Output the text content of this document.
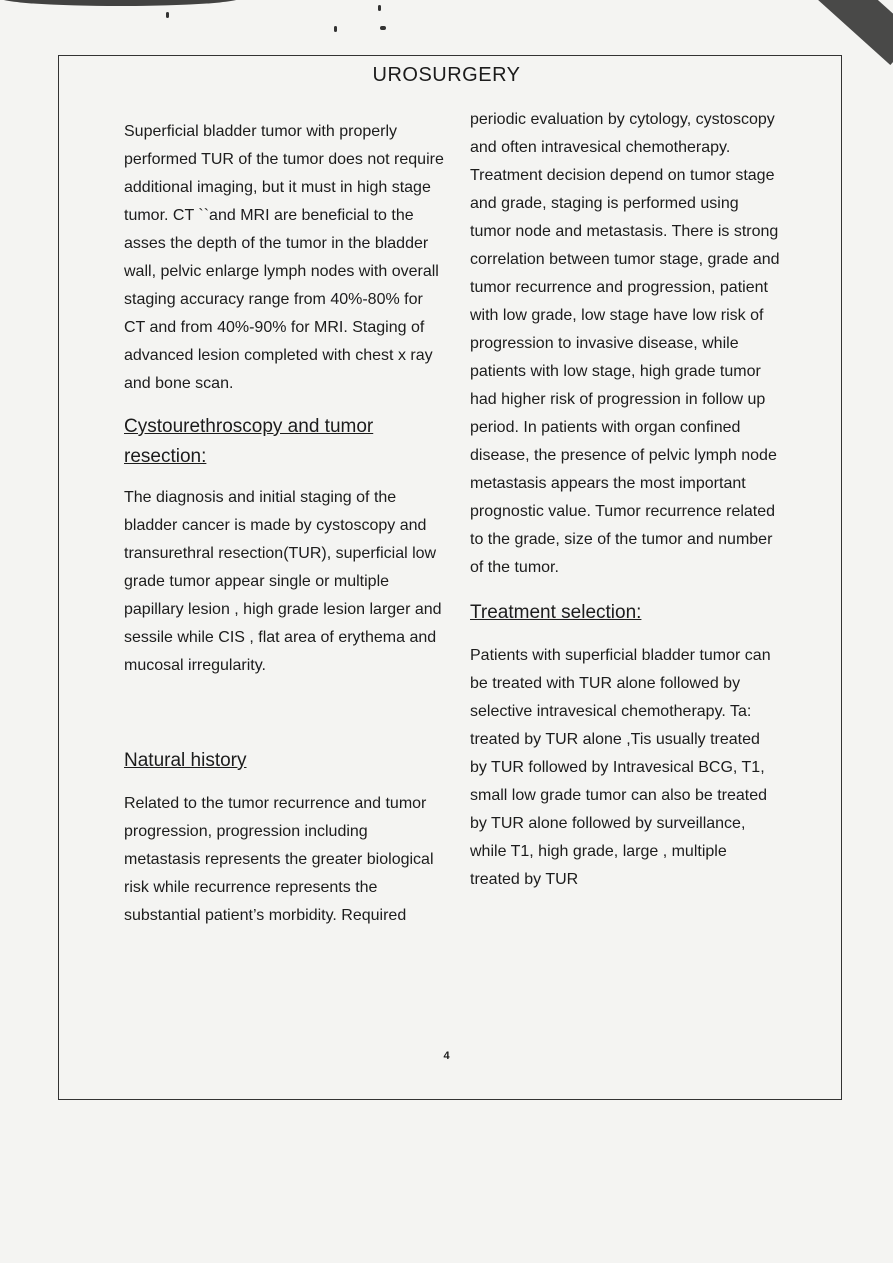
UROSURGERY

Superficial bladder tumor with properly performed TUR of the tumor does not require additional imaging, but it must in high stage tumor. CT ``and MRI are beneficial to the asses the depth of the tumor in the bladder wall, pelvic enlarge lymph nodes with overall staging accuracy range from 40%-80% for CT and from 40%-90% for MRI. Staging of advanced lesion completed with chest x ray and bone scan.

Cystourethroscopy and tumor resection:

The diagnosis and initial staging of the bladder cancer is made by cystoscopy and transurethral resection(TUR), superficial low grade tumor appear single or multiple papillary lesion , high grade lesion larger and sessile while CIS , flat area of erythema and mucosal irregularity.

Natural history

Related to the tumor recurrence and tumor progression, progression including metastasis represents the greater biological risk while recurrence represents the substantial patient’s morbidity. Required

periodic evaluation by cytology, cystoscopy and often intravesical chemotherapy. Treatment decision depend on tumor stage and grade, staging is performed using tumor node and metastasis. There is strong correlation between tumor stage, grade and tumor recurrence and progression, patient with low grade, low stage have low risk of progression to invasive disease, while patients with low stage, high grade tumor had higher risk of progression in follow up period. In patients with organ confined disease, the presence of pelvic lymph node metastasis appears the most important prognostic value. Tumor recurrence related to the grade, size of the tumor and number of the tumor.

Treatment selection:

Patients with superficial bladder tumor can be treated with TUR alone followed by selective intravesical chemotherapy. Ta: treated by TUR alone ,Tis usually treated by TUR followed by Intravesical BCG, T1, small low grade tumor can also be treated by TUR alone followed by surveillance, while T1, high grade, large , multiple treated by TUR

4
